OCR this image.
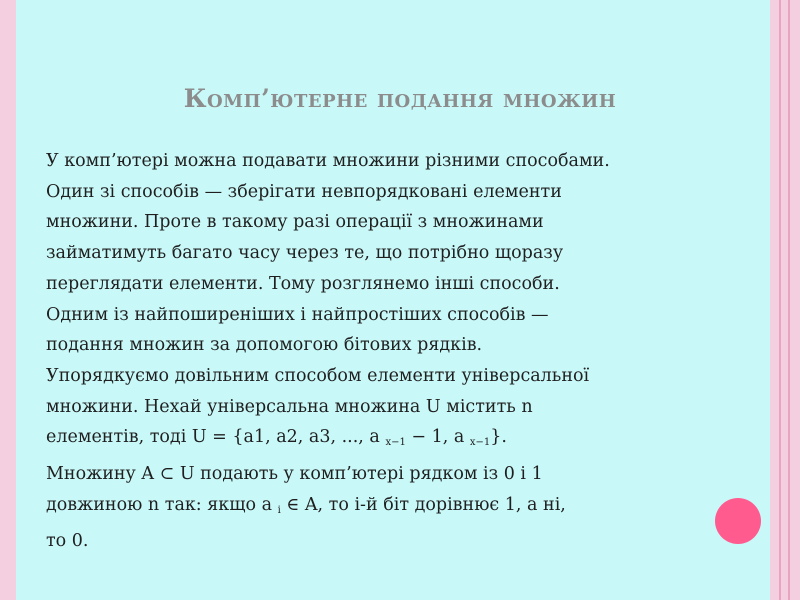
Комп’ютерне подання множин
У комп’ютері можна подавати множини різними способами.
Один зі способів — зберігати невпорядковані елементи
множини. Проте в такому разі операції з множинами
займатимуть багато часу через те, що потрібно щоразу
переглядати елементи. Тому розглянемо інші способи.
Одним із найпоширеніших і найпростіших способів —
подання множин за допомогою бітових рядків.
Упорядкуємо довільним способом елементи універсальної
множини. Нехай універсальна множина U містить n
елементів, тоді U = {a1, a2, a3, ..., a $_{x-1}$ − 1, a $_{x-1}$}.
Множину A ⊂ U подають у комп’ютері рядком із 0 і 1
довжиною n так: якщо a $_i$ ∈ A, то i-й біт дорівнює 1, а ні,
то 0.
